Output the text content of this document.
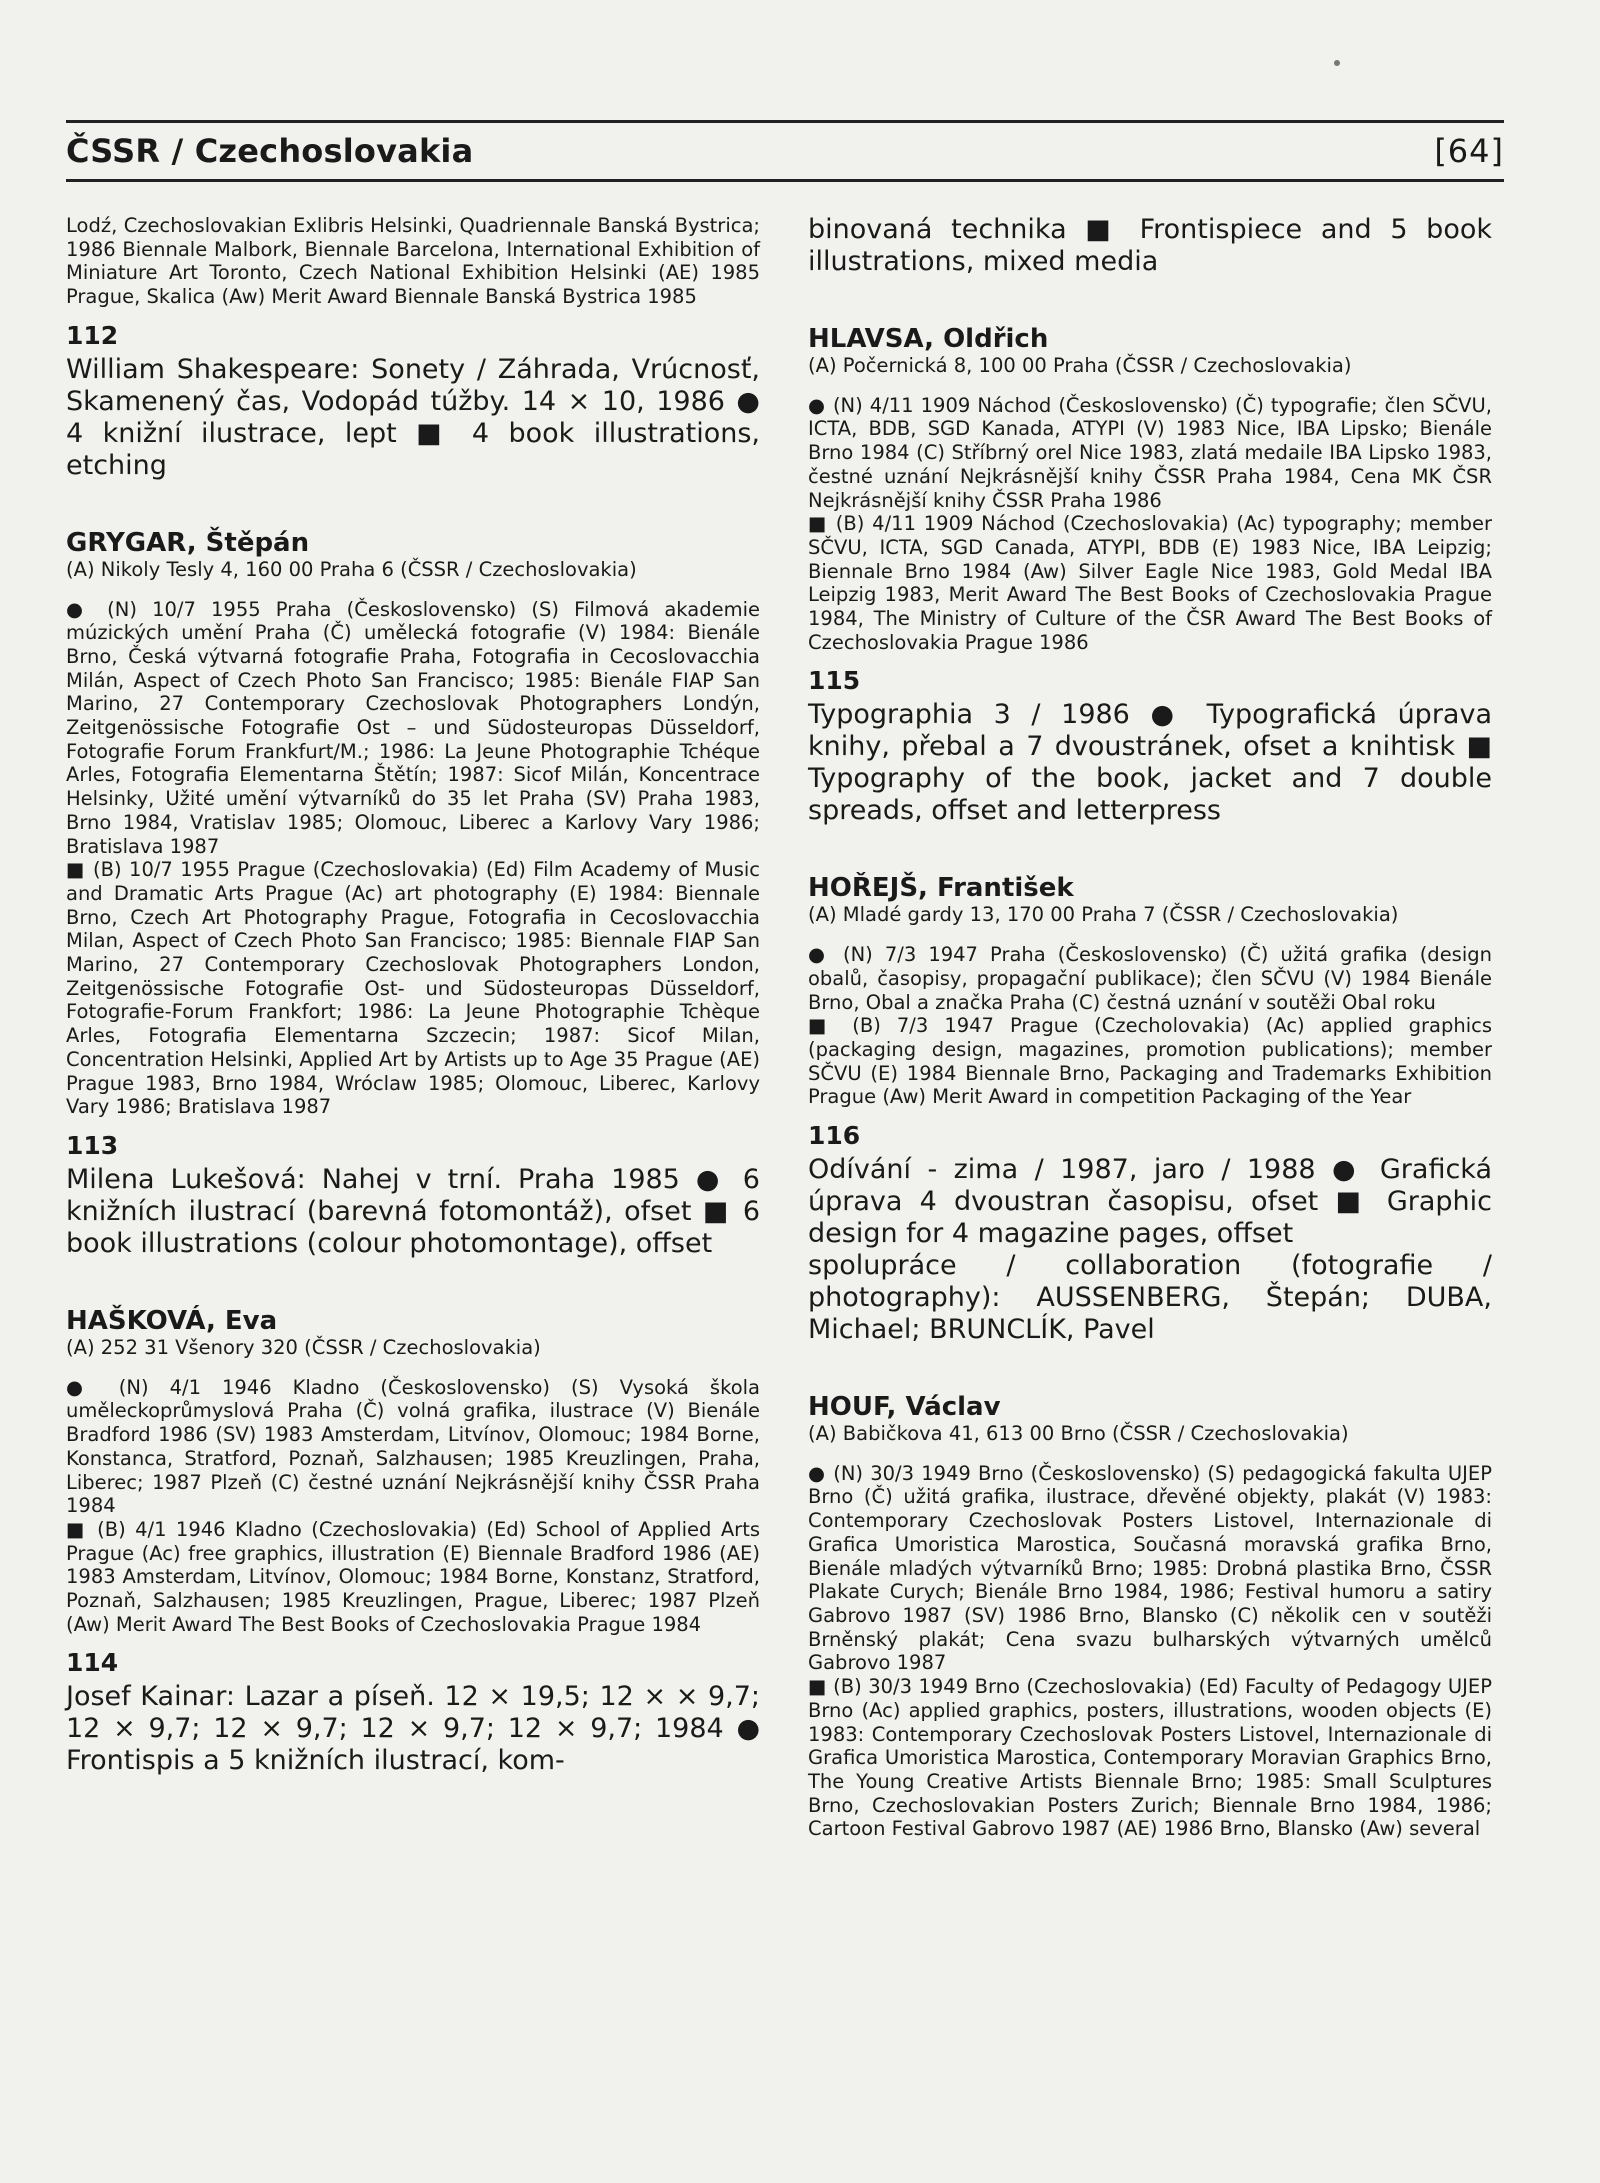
ČSSR / Czechoslovakia	[64]

Lodź, Czechoslovakian Exlibris Helsinki, Quadriennale Banská Bystrica; 1986 Biennale Malbork, Biennale Barcelona, International Exhibition of Miniature Art Toronto, Czech National Exhibition Helsinki (AE) 1985 Prague, Skalica (Aw) Merit Award Biennale Banská Bystrica 1985

112

William Shakespeare: Sonety / Záhrada, Vrúcnosť, Skamenený čas, Vodopád túžby. 14 × 10, 1986 ● 4 knižní ilustrace, lept ■ 4 book illustrations, etching

GRYGAR, Štěpán

(A) Nikoly Tesly 4, 160 00 Praha 6 (ČSSR / Czechoslovakia)

● (N) 10/7 1955 Praha (Československo) (S) Filmová akademie múzických umění Praha (Č) umělecká fotografie (V) 1984: Bienále Brno, Česká výtvarná fotografie Praha, Fotografia in Cecoslovacchia Milán, Aspect of Czech Photo San Francisco; 1985: Bienále FIAP San Marino, 27 Contemporary Czechoslovak Photographers Londýn, Zeitgenössische Fotografie Ost – und Südosteuropas Düsseldorf, Fotografie Forum Frankfurt/M.; 1986: La Jeune Photographie Tchéque Arles, Fotografia Elementarna Štětín; 1987: Sicof Milán, Koncentrace Helsinky, Užité umění výtvarníků do 35 let Praha (SV) Praha 1983, Brno 1984, Vratislav 1985; Olomouc, Liberec a Karlovy Vary 1986; Bratislava 1987

■ (B) 10/7 1955 Prague (Czechoslovakia) (Ed) Film Academy of Music and Dramatic Arts Prague (Ac) art photography (E) 1984: Biennale Brno, Czech Art Photography Prague, Fotografia in Cecoslovacchia Milan, Aspect of Czech Photo San Francisco; 1985: Biennale FIAP San Marino, 27 Contemporary Czechoslovak Photographers London, Zeitgenössische Fotografie Ost- und Südosteuropas Düsseldorf, Fotografie-Forum Frankfort; 1986: La Jeune Photographie Tchèque Arles, Fotografia Elementarna Szczecin; 1987: Sicof Milan, Concentration Helsinki, Applied Art by Artists up to Age 35 Prague (AE) Prague 1983, Brno 1984, Wróclaw 1985; Olomouc, Liberec, Karlovy Vary 1986; Bratislava 1987

113

Milena Lukešová: Nahej v trní. Praha 1985 ● 6 knižních ilustrací (barevná fotomontáž), ofset ■ 6 book illustrations (colour photomontage), offset

HAŠKOVÁ, Eva

(A) 252 31 Všenory 320 (ČSSR / Czechoslovakia)

● (N) 4/1 1946 Kladno (Československo) (S) Vysoká škola uměleckoprůmyslová Praha (Č) volná grafika, ilustrace (V) Bienále Bradford 1986 (SV) 1983 Amsterdam, Litvínov, Olomouc; 1984 Borne, Konstanca, Stratford, Poznaň, Salzhausen; 1985 Kreuzlingen, Praha, Liberec; 1987 Plzeň (C) čestné uznání Nejkrásnější knihy ČSSR Praha 1984

■ (B) 4/1 1946 Kladno (Czechoslovakia) (Ed) School of Applied Arts Prague (Ac) free graphics, illustration (E) Biennale Bradford 1986 (AE) 1983 Amsterdam, Litvínov, Olomouc; 1984 Borne, Konstanz, Stratford, Poznaň, Salzhausen; 1985 Kreuzlingen, Prague, Liberec; 1987 Plzeň (Aw) Merit Award The Best Books of Czechoslovakia Prague 1984

114

Josef Kainar: Lazar a píseň. 12 × 19,5; 12 × × 9,7; 12 × 9,7; 12 × 9,7; 12 × 9,7; 12 × 9,7; 1984 ● Frontispis a 5 knižních ilustrací, kom-

binovaná technika ■ Frontispiece and 5 book illustrations, mixed media

HLAVSA, Oldřich

(A) Počernická 8, 100 00 Praha (ČSSR / Czechoslovakia)

● (N) 4/11 1909 Náchod (Československo) (Č) typografie; člen SČVU, ICTA, BDB, SGD Kanada, ATYPI (V) 1983 Nice, IBA Lipsko; Bienále Brno 1984 (C) Stříbrný orel Nice 1983, zlatá medaile IBA Lipsko 1983, čestné uznání Nejkrásnější knihy ČSSR Praha 1984, Cena MK ČSR Nejkrásnější knihy ČSSR Praha 1986

■ (B) 4/11 1909 Náchod (Czechoslovakia) (Ac) typography; member SČVU, ICTA, SGD Canada, ATYPI, BDB (E) 1983 Nice, IBA Leipzig; Biennale Brno 1984 (Aw) Silver Eagle Nice 1983, Gold Medal IBA Leipzig 1983, Merit Award The Best Books of Czechoslovakia Prague 1984, The Ministry of Culture of the ČSR Award The Best Books of Czechoslovakia Prague 1986

115

Typographia 3 / 1986 ● Typografická úprava knihy, přebal a 7 dvoustránek, ofset a knihtisk ■ Typography of the book, jacket and 7 double spreads, offset and letterpress

HOŘEJŠ, František

(A) Mladé gardy 13, 170 00 Praha 7 (ČSSR / Czechoslovakia)

● (N) 7/3 1947 Praha (Československo) (Č) užitá grafika (design obalů, časopisy, propagační publikace); člen SČVU (V) 1984 Bienále Brno, Obal a značka Praha (C) čestná uznání v soutěži Obal roku

■ (B) 7/3 1947 Prague (Czecholovakia) (Ac) applied graphics (packaging design, magazines, promotion publications); member SČVU (E) 1984 Biennale Brno, Packaging and Trademarks Exhibition Prague (Aw) Merit Award in competition Packaging of the Year

116

Odívání - zima / 1987, jaro / 1988 ● Grafická úprava 4 dvoustran časopisu, ofset ■ Graphic design for 4 magazine pages, offset
spolupráce / collaboration (fotografie / photography): AUSSENBERG, Štepán; DUBA, Michael; BRUNCLÍK, Pavel

HOUF, Václav

(A) Babičkova 41, 613 00 Brno (ČSSR / Czechoslovakia)

● (N) 30/3 1949 Brno (Československo) (S) pedagogická fakulta UJEP Brno (Č) užitá grafika, ilustrace, dřevěné objekty, plakát (V) 1983: Contemporary Czechoslovak Posters Listovel, Internazionale di Grafica Umoristica Marostica, Současná moravská grafika Brno, Bienále mladých výtvarníků Brno; 1985: Drobná plastika Brno, ČSSR Plakate Curych; Bienále Brno 1984, 1986; Festival humoru a satiry Gabrovo 1987 (SV) 1986 Brno, Blansko (C) několik cen v soutěži Brněnský plakát; Cena svazu bulharských výtvarných umělců Gabrovo 1987

■ (B) 30/3 1949 Brno (Czechoslovakia) (Ed) Faculty of Pedagogy UJEP Brno (Ac) applied graphics, posters, illustrations, wooden objects (E) 1983: Contemporary Czechoslovak Posters Listovel, Internazionale di Grafica Umoristica Marostica, Contemporary Moravian Graphics Brno, The Young Creative Artists Biennale Brno; 1985: Small Sculptures Brno, Czechoslovakian Posters Zurich; Biennale Brno 1984, 1986; Cartoon Festival Gabrovo 1987 (AE) 1986 Brno, Blansko (Aw) several
